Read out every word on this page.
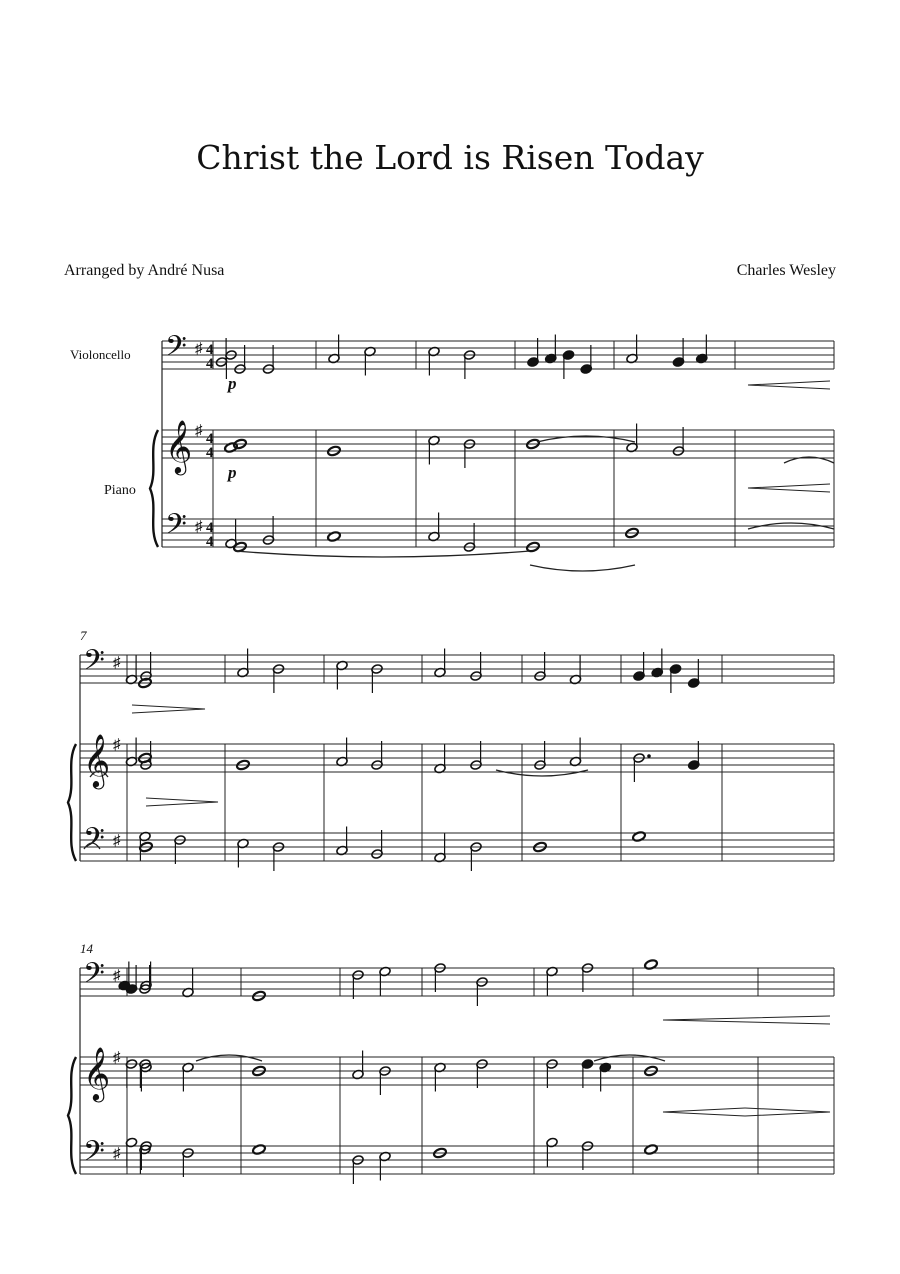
Christ the Lord is Risen Today
Arranged by André Nusa	Charles Wesley
𝄢 ♯ 4
4
𝄞 ♯ 4
4
𝄢 ♯ 4
4
Violoncello
Piano
p
p
𝄢 ♯
𝄞 ♯
𝄢 ♯
7
𝄢 ♯
𝄞 ♯
𝄢 ♯
14
